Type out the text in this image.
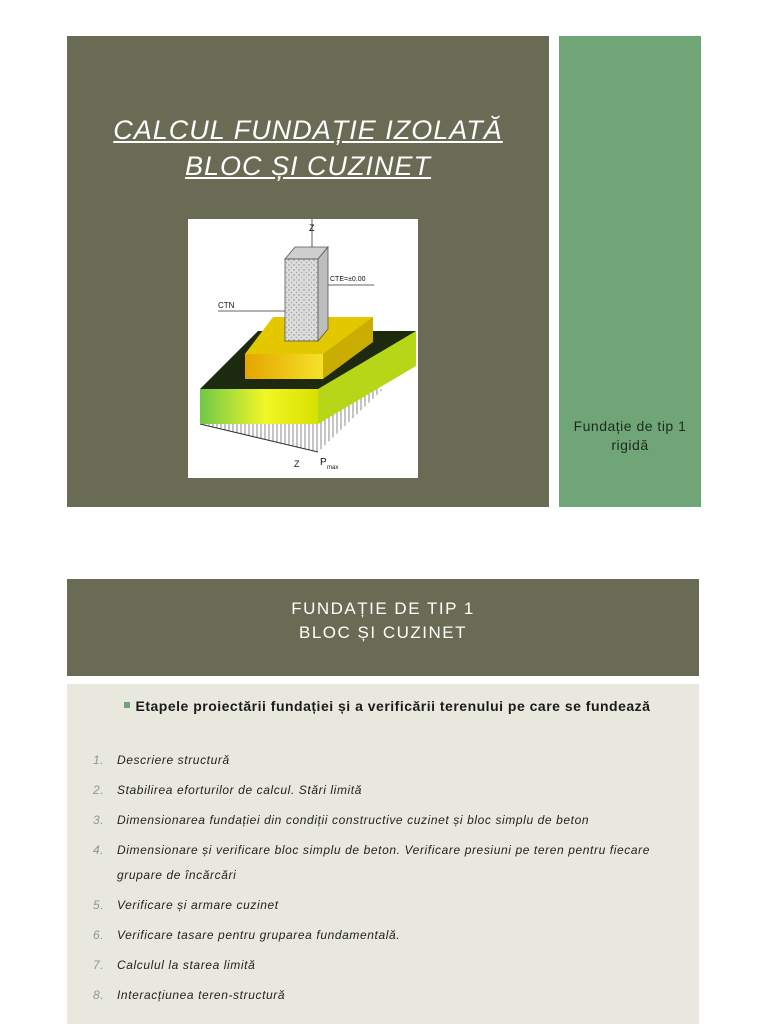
CALCUL FUNDAȚIE IZOLATĂ
BLOC ȘI CUZINET
Z
CTE=±0.00
CTN
Z P max
Fundație de tip 1
rigidă
FUNDAȚIE DE TIP 1
BLOC ȘI CUZINET
Etapele proiectării fundației și a verificării terenului pe care se fundează
1. Descriere structură
2. Stabilirea eforturilor de calcul. Stări limită
3. Dimensionarea fundației din condiții constructive cuzinet și bloc simplu de beton
4. Dimensionare și verificare bloc simplu de beton. Verificare presiuni pe teren pentru fiecare grupare de încărcări
5. Verificare și armare cuzinet
6. Verificare tasare pentru gruparea fundamentală.
7. Calculul la starea limită
8. Interacțiunea teren-structură
